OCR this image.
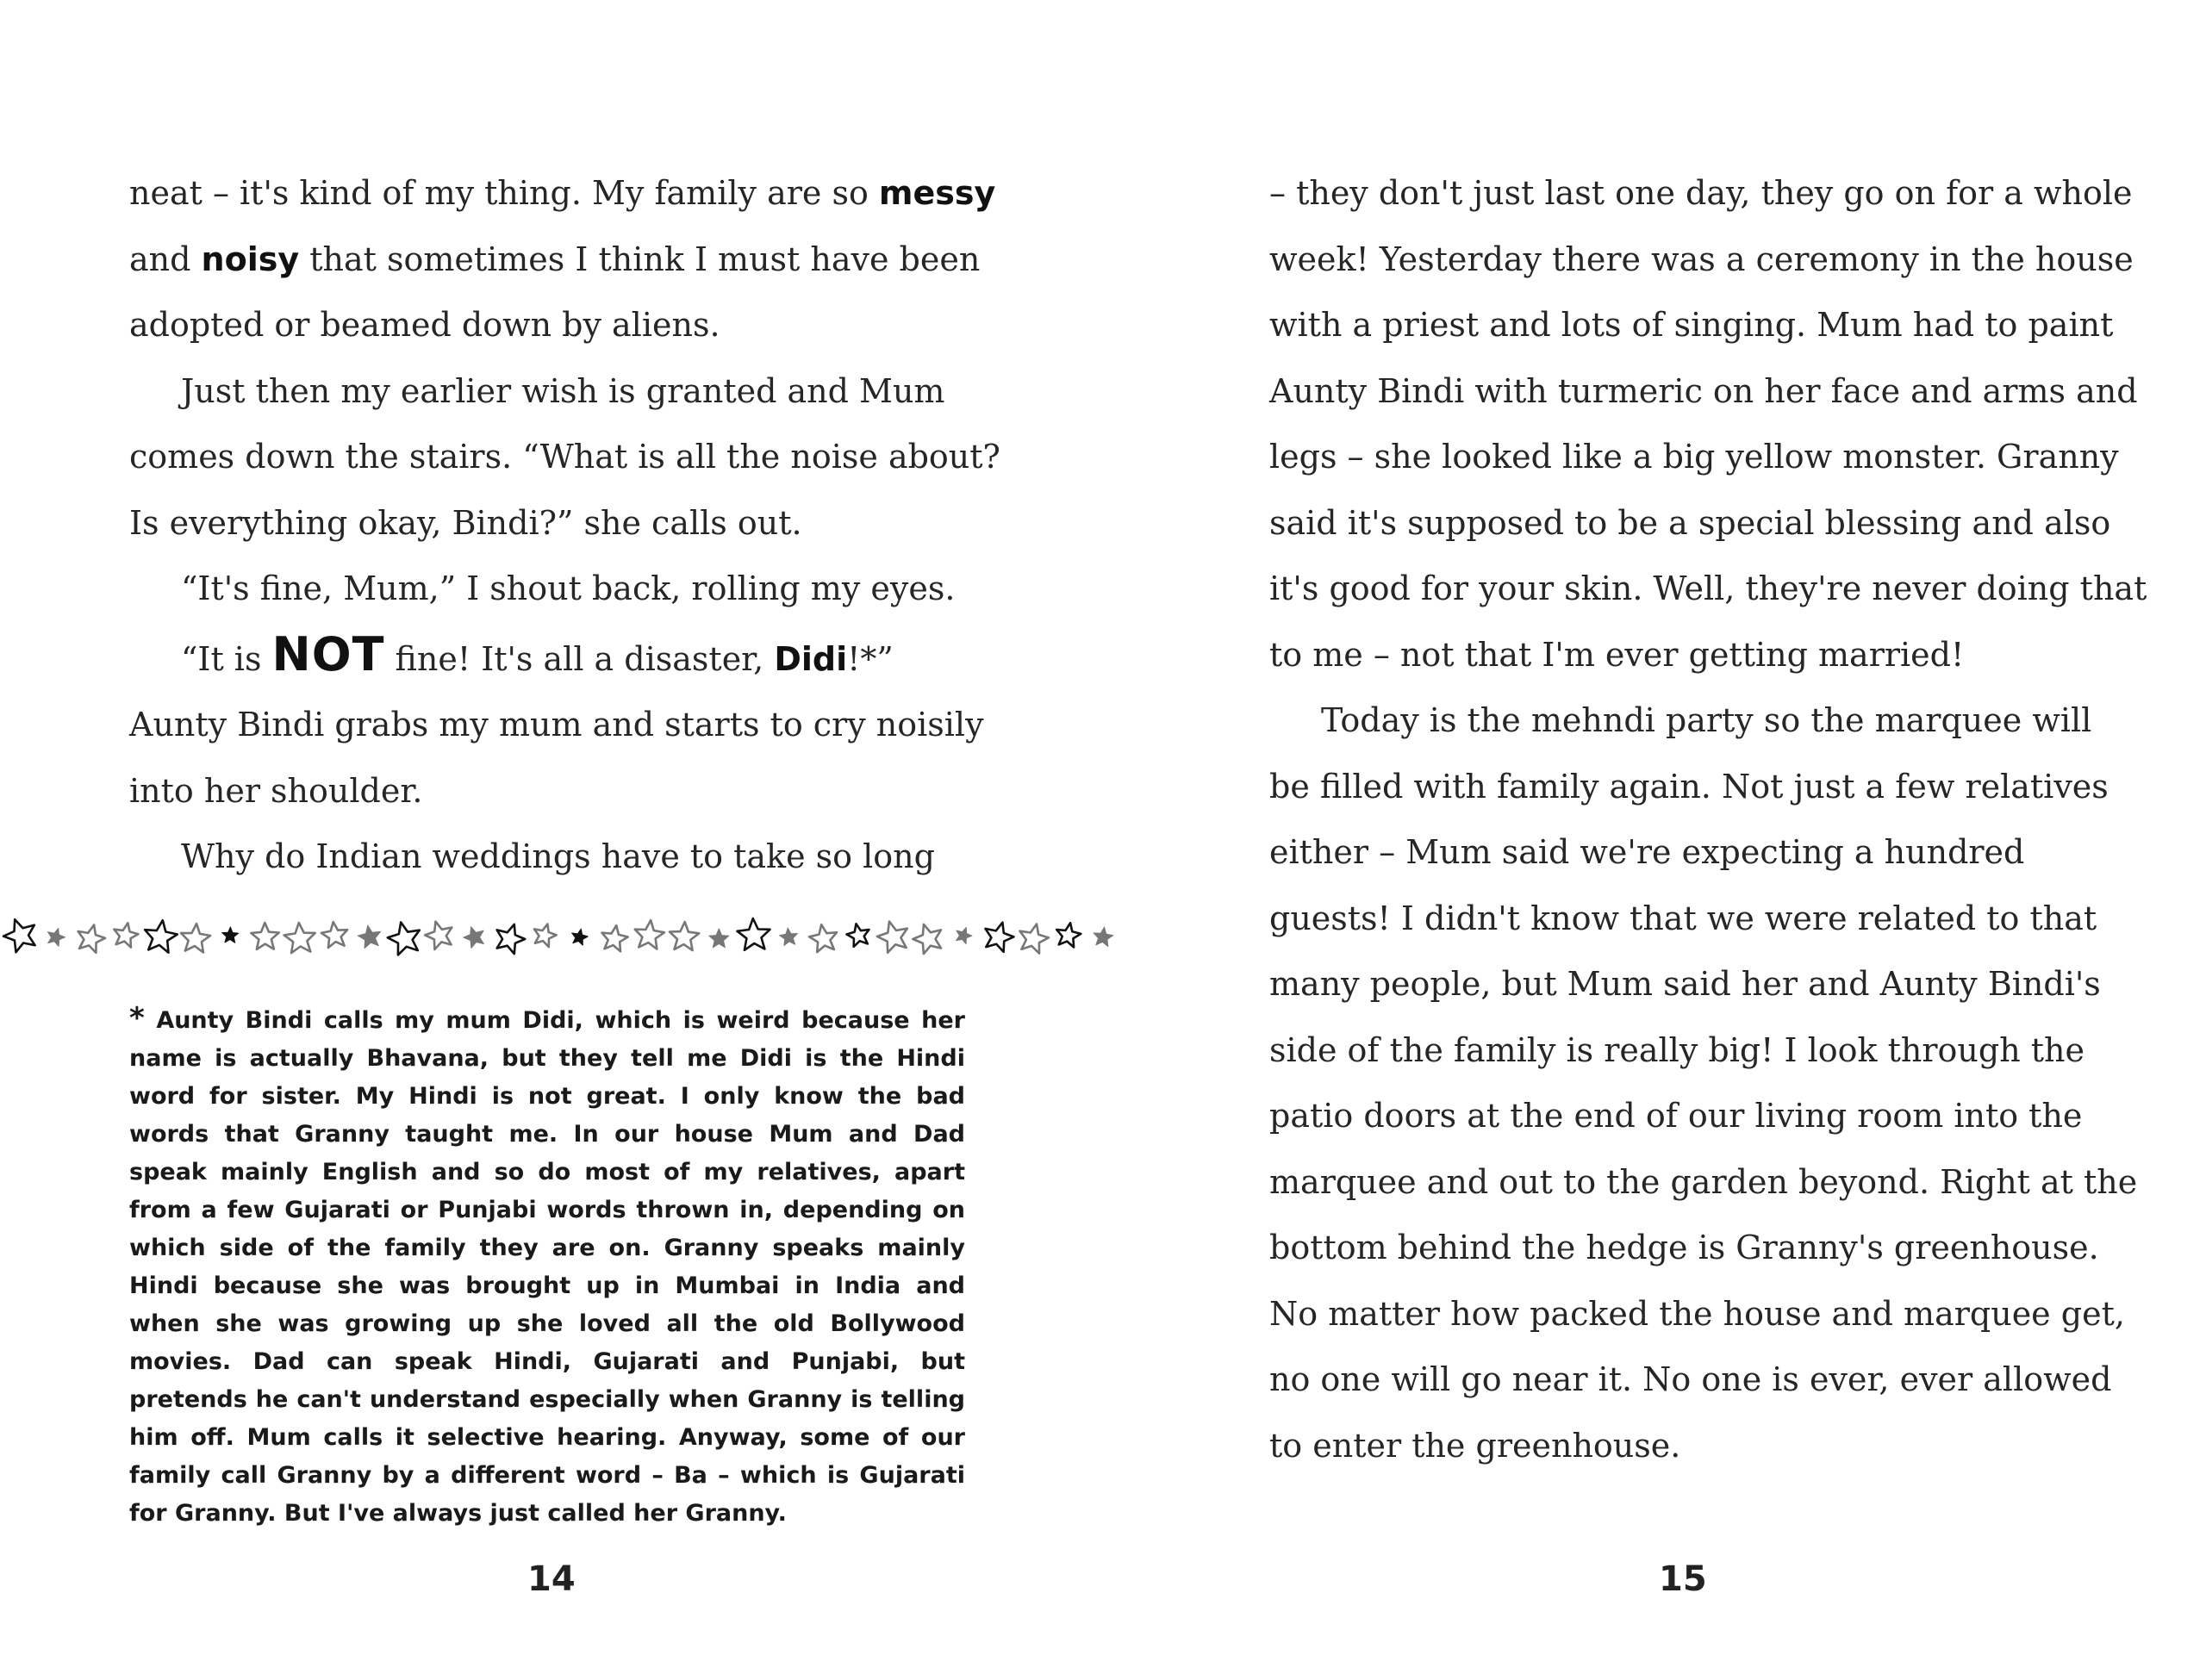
neat – it's kind of my thing. My family are so messy

and noisy that sometimes I think I must have been

adopted or beamed down by aliens.

Just then my earlier wish is granted and Mum

comes down the stairs. “What is all the noise about?

Is everything okay, Bindi?” she calls out.

“It's fine, Mum,” I shout back, rolling my eyes.

“It is NOT fine! It's all a disaster, Didi!*”

Aunty Bindi grabs my mum and starts to cry noisily

into her shoulder.

Why do Indian weddings have to take so long

* Aunty Bindi calls my mum Didi, which is weird because her name is actually Bhavana, but they tell me Didi is the Hindi word for sister. My Hindi is not great. I only know the bad words that Granny taught me. In our house Mum and Dad speak mainly English and so do most of my relatives, apart from a few Gujarati or Punjabi words thrown in, depending on which side of the family they are on. Granny speaks mainly Hindi because she was brought up in Mumbai in India and when she was growing up she loved all the old Bollywood movies. Dad can speak Hindi, Gujarati and Punjabi, but pretends he can't understand especially when Granny is telling him off. Mum calls it selective hearing. Anyway, some of our family call Granny by a different word – Ba – which is Gujarati for Granny. But I've always just called her Granny.

14

– they don't just last one day, they go on for a whole

week! Yesterday there was a ceremony in the house

with a priest and lots of singing. Mum had to paint

Aunty Bindi with turmeric on her face and arms and

legs – she looked like a big yellow monster. Granny

said it's supposed to be a special blessing and also

it's good for your skin. Well, they're never doing that

to me – not that I'm ever getting married!

Today is the mehndi party so the marquee will

be filled with family again. Not just a few relatives

either – Mum said we're expecting a hundred

guests! I didn't know that we were related to that

many people, but Mum said her and Aunty Bindi's

side of the family is really big! I look through the

patio doors at the end of our living room into the

marquee and out to the garden beyond. Right at the

bottom behind the hedge is Granny's greenhouse.

No matter how packed the house and marquee get,

no one will go near it. No one is ever, ever allowed

to enter the greenhouse.

15
